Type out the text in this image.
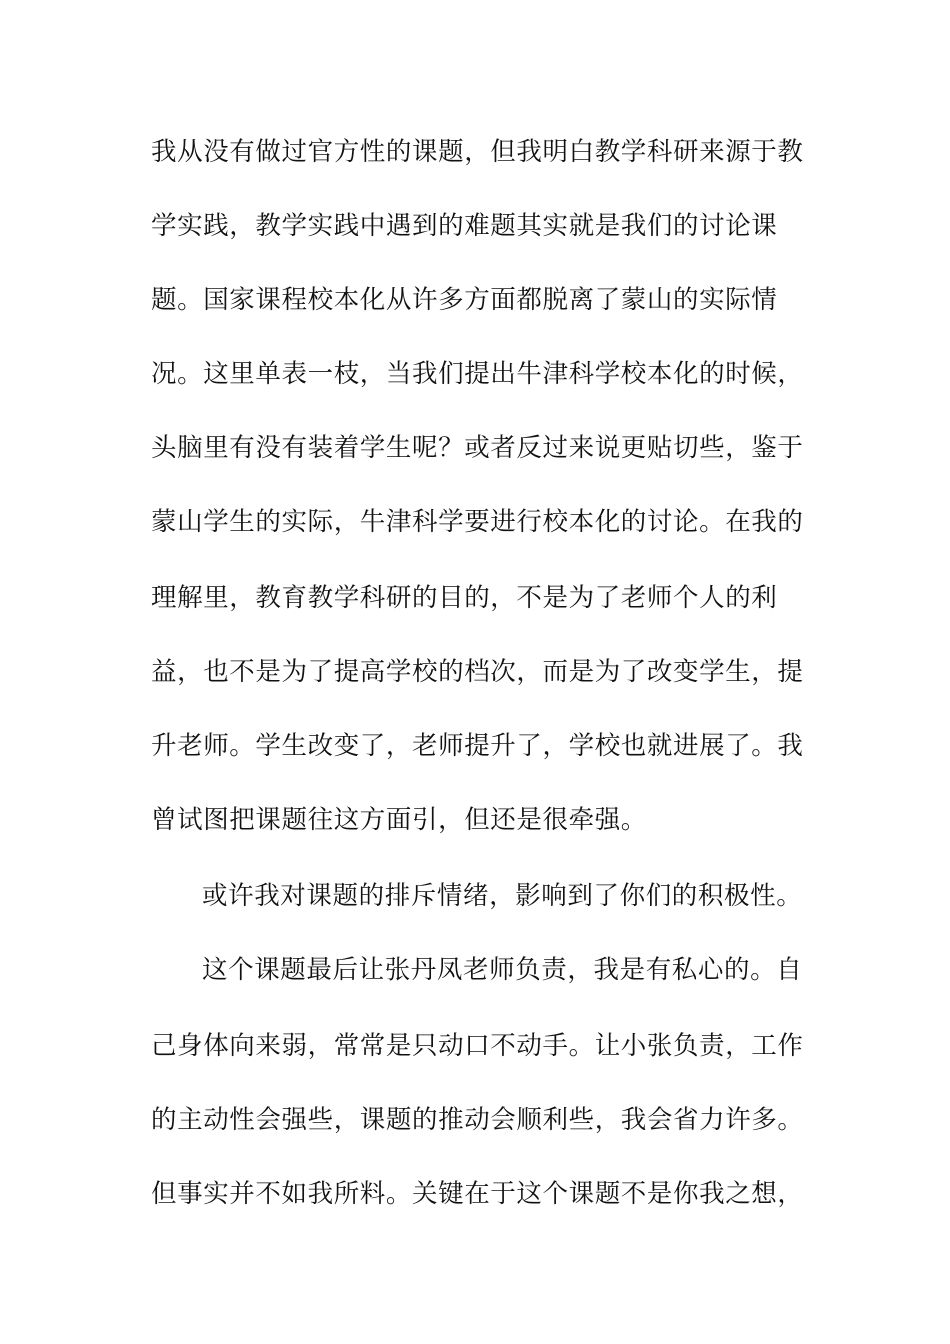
我从没有做过官方性的课题，但我明白教学科研来源于教
学实践，教学实践中遇到的难题其实就是我们的讨论课
题。国家课程校本化从许多方面都脱离了蒙山的实际情
况。这里单表一枝，当我们提出牛津科学校本化的时候，
头脑里有没有装着学生呢？或者反过来说更贴切些，鉴于
蒙山学生的实际，牛津科学要进行校本化的讨论。在我的
理解里，教育教学科研的目的，不是为了老师个人的利
益，也不是为了提高学校的档次，而是为了改变学生，提
升老师。学生改变了，老师提升了，学校也就进展了。我
曾试图把课题往这方面引，但还是很牵强。
或许我对课题的排斥情绪，影响到了你们的积极性。
这个课题最后让张丹凤老师负责，我是有私心的。自
己身体向来弱，常常是只动口不动手。让小张负责，工作
的主动性会强些，课题的推动会顺利些，我会省力许多。
但事实并不如我所料。关键在于这个课题不是你我之想，
